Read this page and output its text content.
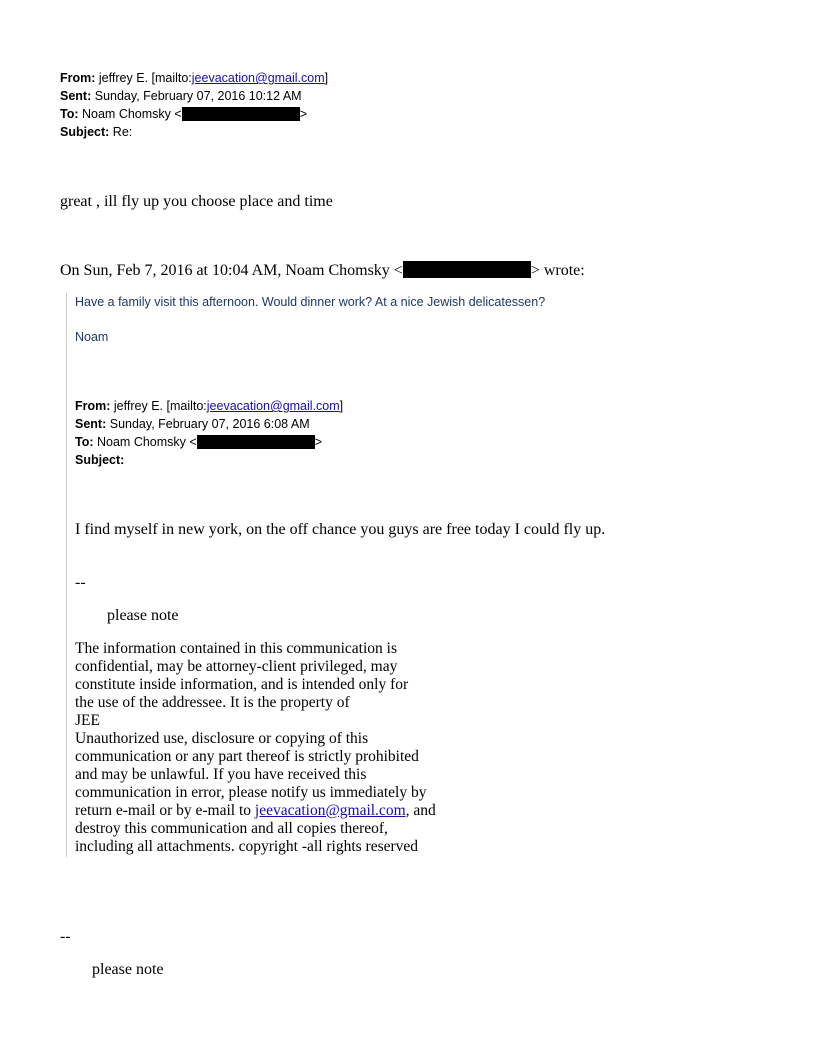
From: jeffrey E. [mailto:jeevacation@gmail.com]
Sent: Sunday, February 07, 2016 10:12 AM
To: Noam Chomsky <	>
Subject: Re:
great , ill fly up you choose place and time
On Sun, Feb 7, 2016 at 10:04 AM, Noam Chomsky <	> wrote:
Have a family visit this afternoon. Would dinner work? At a nice Jewish delicatessen?
Noam
From: jeffrey E. [mailto:jeevacation@gmail.com]
Sent: Sunday, February 07, 2016 6:08 AM
To: Noam Chomsky <	>
Subject:
I find myself in new york, on the off chance you guys are free today I could fly up.
--
please note
The information contained in this communication is
confidential, may be attorney-client privileged, may
constitute inside information, and is intended only for
the use of the addressee. It is the property of
JEE
Unauthorized use, disclosure or copying of this
communication or any part thereof is strictly prohibited
and may be unlawful. If you have received this
communication in error, please notify us immediately by
return e-mail or by e-mail to jeevacation@gmail.com, and
destroy this communication and all copies thereof,
including all attachments. copyright -all rights reserved
--
please note
